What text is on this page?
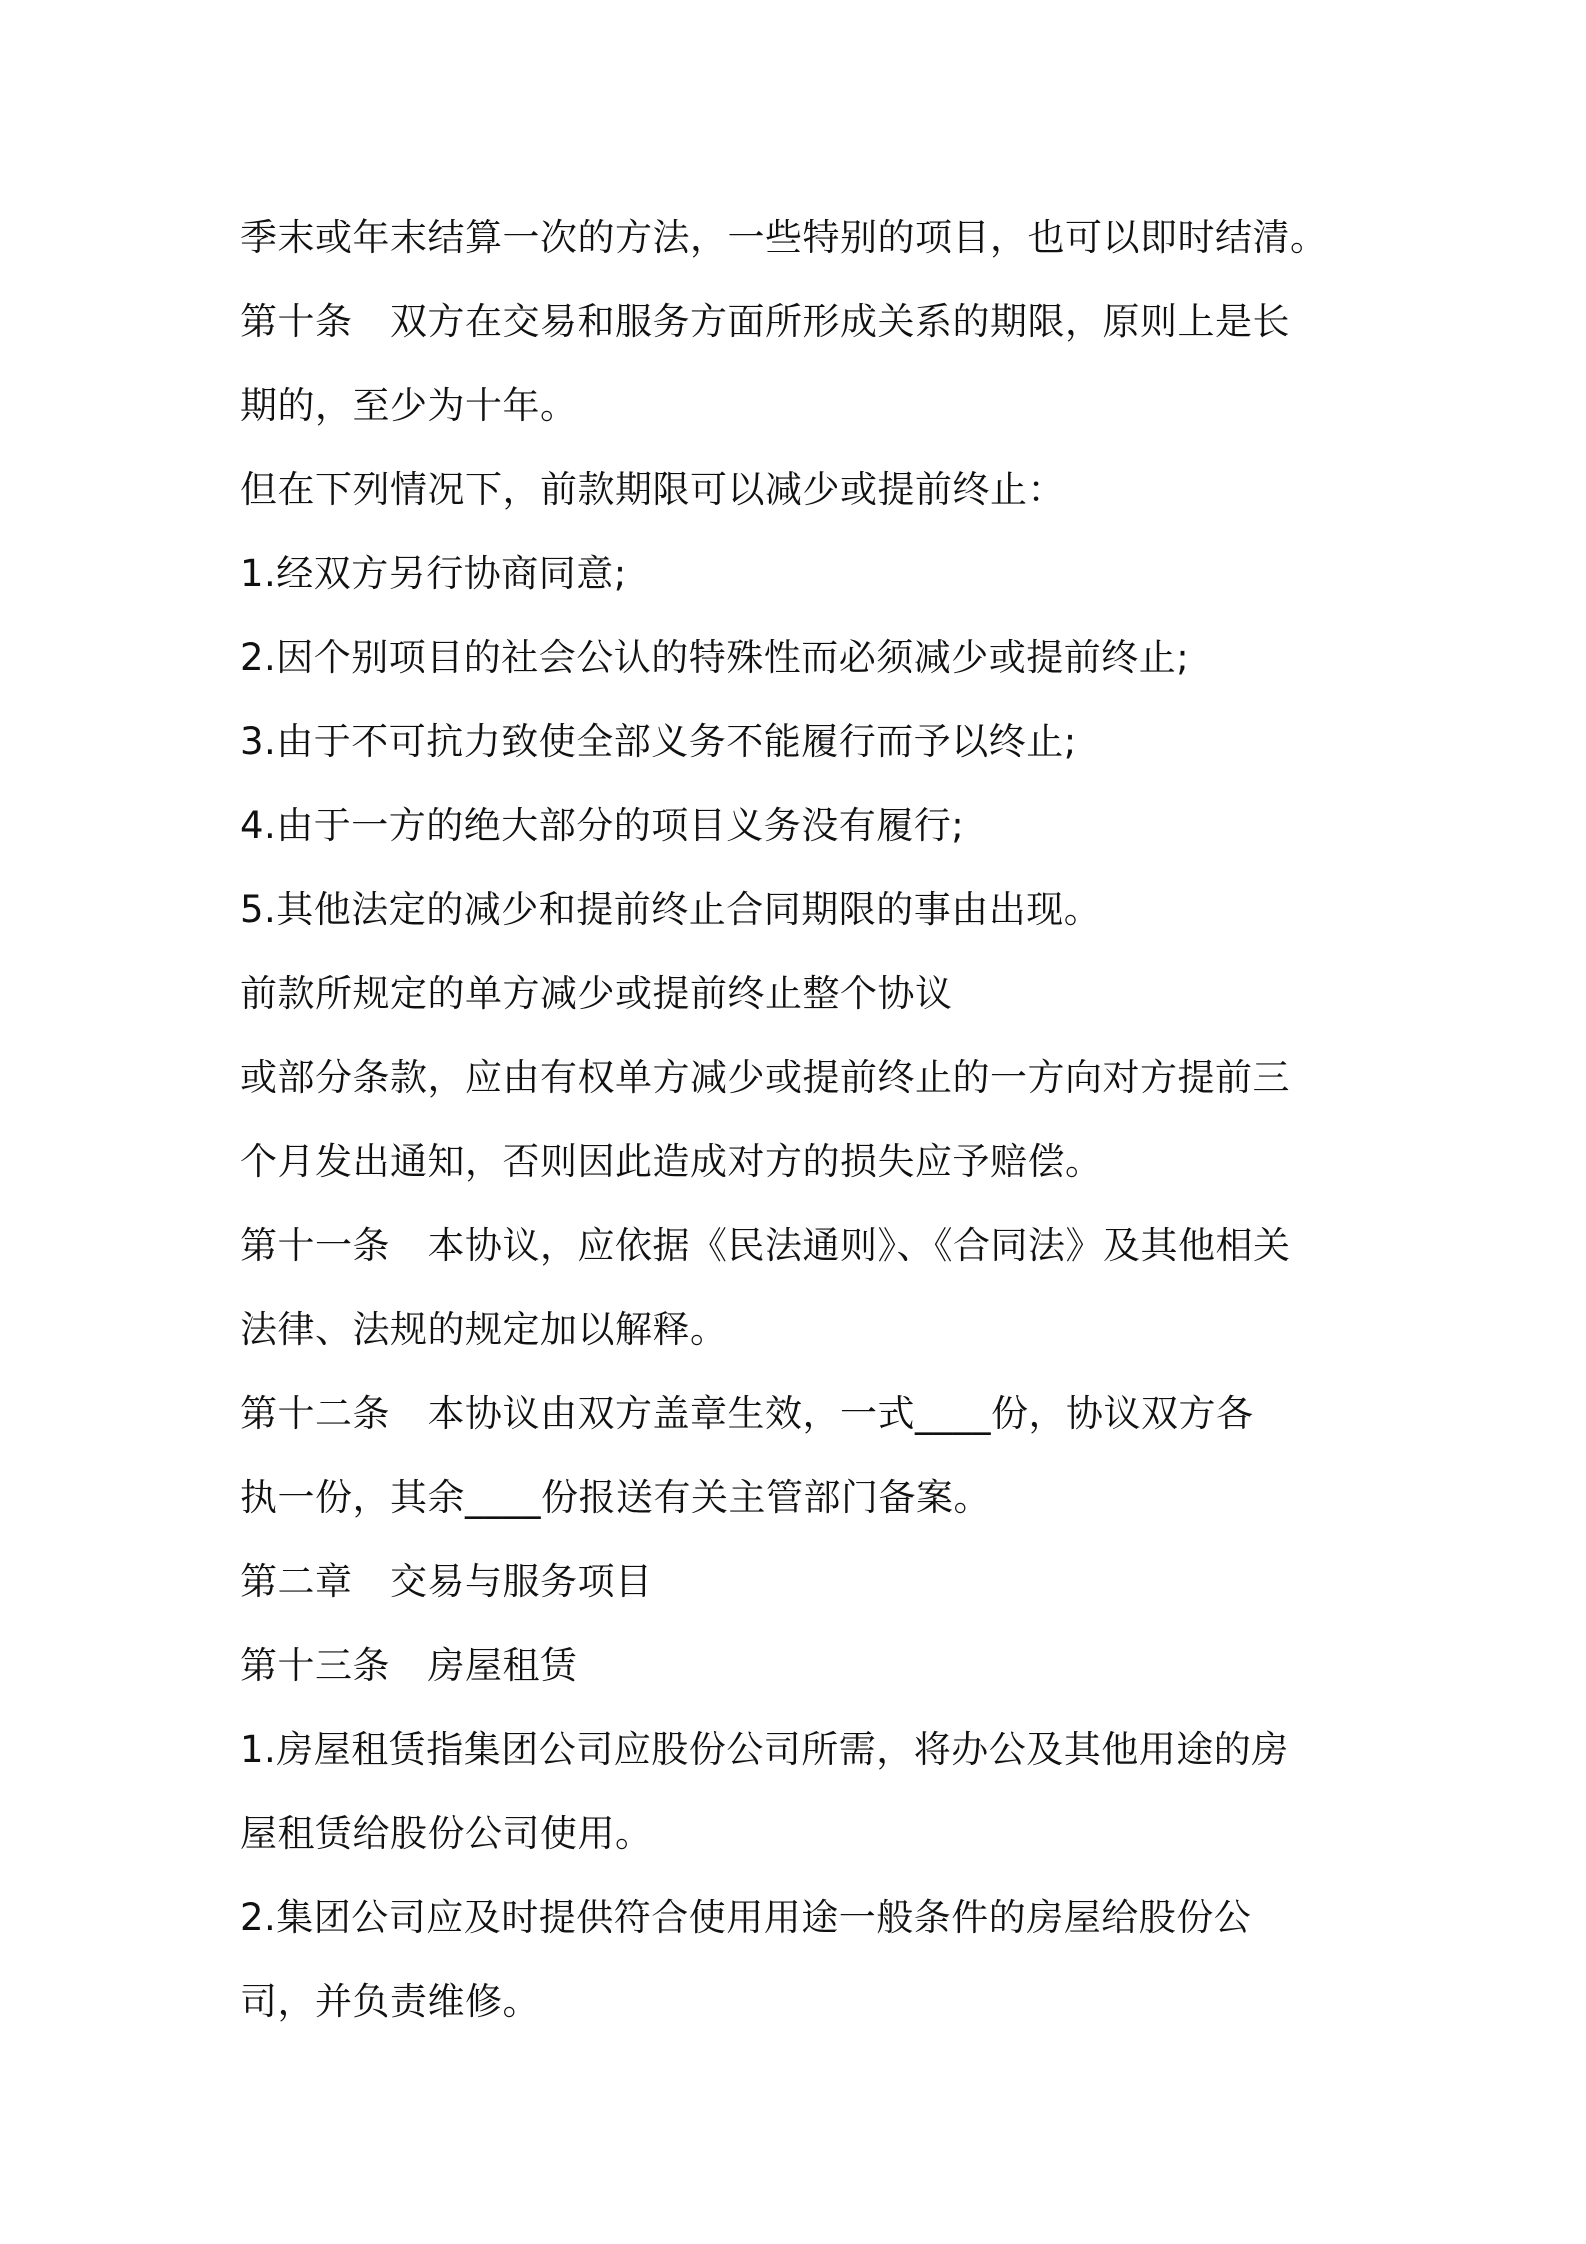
季末或年末结算一次的方法，一些特别的项目，也可以即时结清。
第十条　双方在交易和服务方面所形成关系的期限，原则上是长
期的，至少为十年。
但在下列情况下，前款期限可以减少或提前终止：
1.经双方另行协商同意;
2.因个别项目的社会公认的特殊性而必须减少或提前终止;
3.由于不可抗力致使全部义务不能履行而予以终止;
4.由于一方的绝大部分的项目义务没有履行;
5.其他法定的减少和提前终止合同期限的事由出现。
前款所规定的单方减少或提前终止整个协议
或部分条款，应由有权单方减少或提前终止的一方向对方提前三
个月发出通知，否则因此造成对方的损失应予赔偿。
第十一条　本协议，应依据《民法通则》、《合同法》及其他相关
法律、法规的规定加以解释。
第十二条　本协议由双方盖章生效，一式____份，协议双方各
执一份，其余____份报送有关主管部门备案。
第二章　交易与服务项目
第十三条　房屋租赁
1.房屋租赁指集团公司应股份公司所需，将办公及其他用途的房
屋租赁给股份公司使用。
2.集团公司应及时提供符合使用用途一般条件的房屋给股份公
司，并负责维修。
